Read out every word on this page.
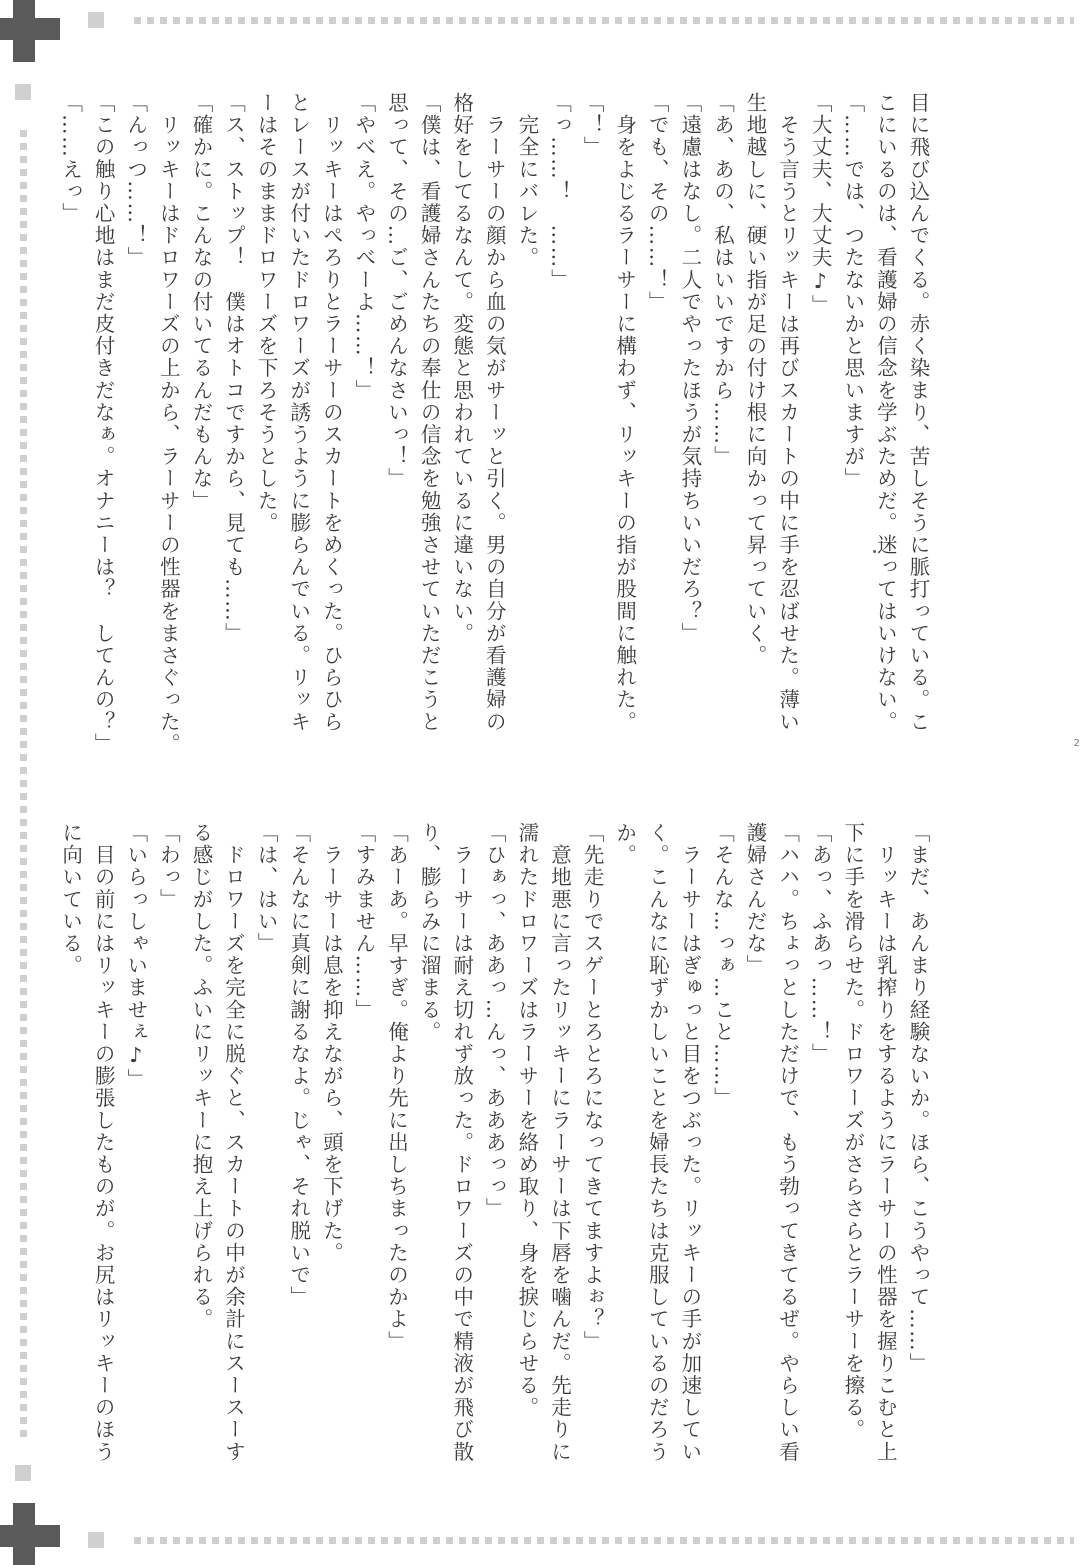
目に飛び込んでくる。赤く染まり、苦しそうに脈打っている。こ

こにいるのは、看護婦の信念を学ぶためだ。迷ってはいけない。

「……では、つたないかと思いますが」

「大丈夫、大丈夫♪」

　そう言うとリッキーは再びスカートの中に手を忍ばせた。薄い

生地越しに、硬い指が足の付け根に向かって昇っていく。

「あ、あの、私はいいですから……」

「遠慮はなし。二人でやったほうが気持ちいいだろ？」

「でも、その……！」

　身をよじるラーサーに構わず、リッキーの指が股間に触れた。

「！」

「っ……！　……」

　完全にバレた。

　ラーサーの顔から血の気がサーッと引く。男の自分が看護婦の

格好をしてるなんて。変態と思われているに違いない。

「僕は、看護婦さんたちの奉仕の信念を勉強させていただこうと

思って、その…ご、ごめんなさいっ！」

「やべえ。やっべーよ……！」

　リッキーはぺろりとラーサーのスカートをめくった。ひらひら

とレースが付いたドロワーズが誘うように膨らんでいる。リッキ

ーはそのままドロワーズを下ろそうとした。

「ス、ストップ！　僕はオトコですから、見ても……」

「確かに。こんなの付いてるんだもんな」

　リッキーはドロワーズの上から、ラーサーの性器をまさぐった。

「んっつ……！」

「この触り心地はまだ皮付きだなぁ。オナニーは？　してんの？」

「……えっ」

「まだ、あんまり経験ないか。ほら、こうやって……」

　リッキーは乳搾りをするようにラーサーの性器を握りこむと上

下に手を滑らせた。ドロワーズがさらさらとラーサーを擦る。

「あっ、ふあっ……！」

「ハハ。ちょっとしただけで、もう勃ってきてるぜ。やらしい看

護婦さんだな」

「そんな…っぁ…こと……」

　ラーサーはぎゅっと目をつぶった。リッキーの手が加速してい

く。こんなに恥ずかしいことを婦長たちは克服しているのだろう

か。

「先走りでスゲーとろとろになってきてますよぉ？」

　意地悪に言ったリッキーにラーサーは下唇を噛んだ。先走りに

濡れたドロワーズはラーサーを絡め取り、身を捩じらせる。

「ひぁっ、ああっ…んっ、あああっっ」

　ラーサーは耐え切れず放った。ドロワーズの中で精液が飛び散

り、膨らみに溜まる。

「あーあ。早すぎ。俺より先に出しちまったのかよ」

「すみません……」

　ラーサーは息を抑えながら、頭を下げた。

「そんなに真剣に謝るなよ。じゃ、それ脱いで」

「は、はい」

　ドロワーズを完全に脱ぐと、スカートの中が余計にスースーす

る感じがした。ふいにリッキーに抱え上げられる。

「わっ」

「いらっしゃいませぇ♪」

　目の前にはリッキーの膨張したものが。お尻はリッキーのほう

に向いている。

2
